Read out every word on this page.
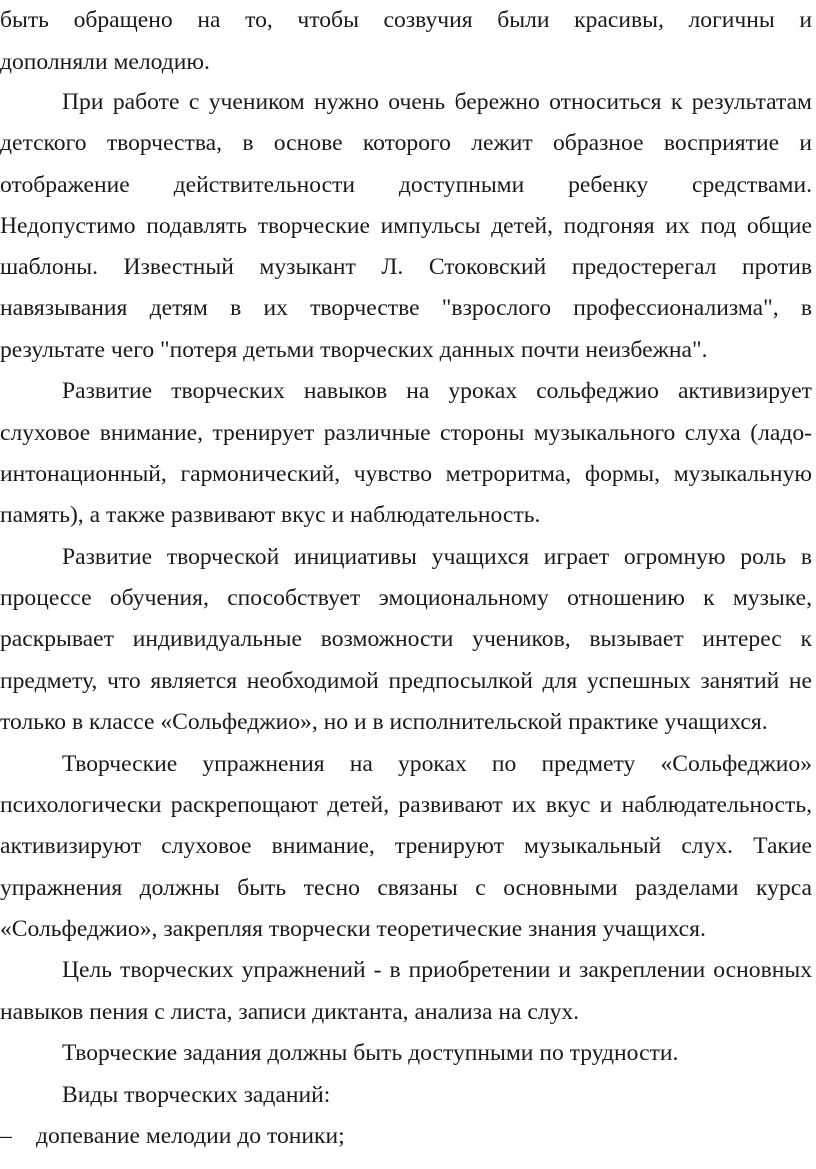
быть обращено на то, чтобы созвучия были красивы, логичны и
дополняли мелодию.
При работе с учеником нужно очень бережно относиться к результатам
детского творчества, в основе которого лежит образное восприятие и
отображение действительности доступными ребенку средствами.
Недопустимо подавлять творческие импульсы детей, подгоняя их под общие
шаблоны. Известный музыкант Л. Стоковский предостерегал против
навязывания детям в их творчестве "взрослого профессионализма", в
результате чего "потеря детьми творческих данных почти неизбежна".
Развитие творческих навыков на уроках сольфеджио активизирует
слуховое внимание, тренирует различные стороны музыкального слуха (ладо-
интонационный, гармонический, чувство метроритма, формы, музыкальную
память), а также развивают вкус и наблюдательность.
Развитие творческой инициативы учащихся играет огромную роль в
процессе обучения, способствует эмоциональному отношению к музыке,
раскрывает индивидуальные возможности учеников, вызывает интерес к
предмету, что является необходимой предпосылкой для успешных занятий не
только в классе «Сольфеджио», но и в исполнительской практике учащихся.
Творческие упражнения на уроках по предмету «Сольфеджио»
психологически раскрепощают детей, развивают их вкус и наблюдательность,
активизируют слуховое внимание, тренируют музыкальный слух. Такие
упражнения должны быть тесно связаны с основными разделами курса
«Сольфеджио», закрепляя творчески теоретические знания учащихся.
Цель творческих упражнений - в приобретении и закреплении основных
навыков пения с листа, записи диктанта, анализа на слух.
Творческие задания должны быть доступными по трудности.
Виды творческих заданий:
– допевание мелодии до тоники;
